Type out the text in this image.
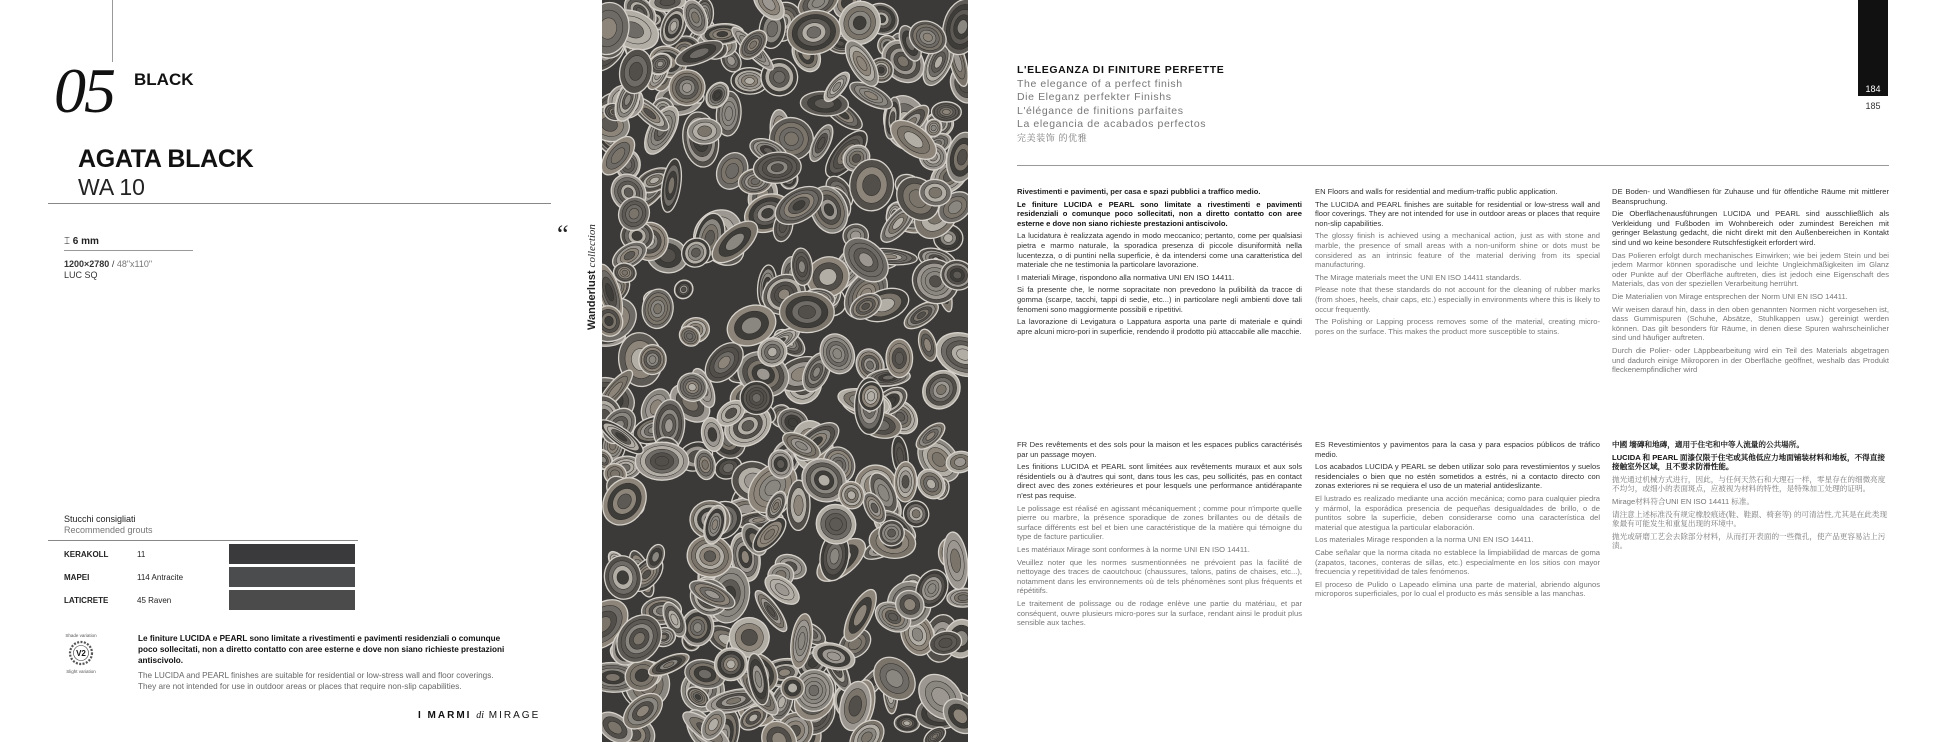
05 BLACK
AGATA BLACK
WA 10
⌶ 6 mm
1200×2780 / 48"x110"
LUC SQ
“
Wanderlust collection
Stucchi consigliati
Recommended grouts
KERAKOLL	11
MAPEI	114 Antracite
LATICRETE	45 Raven
Shade variation
V2
Slight variation
Le finiture LUCIDA e PEARL sono limitate a rivestimenti e pavimenti residenziali o comunque poco sollecitati, non a diretto contatto con aree esterne e dove non siano richieste prestazioni antiscivolo.
The LUCIDA and PEARL finishes are suitable for residential or low-stress wall and floor coverings. They are not intended for use in outdoor areas or places that require non-slip capabilities.
I MARMI di MIRAGE
184
185
L'ELEGANZA DI FINITURE PERFETTE
The elegance of a perfect finish
Die Eleganz perfekter Finishs
L'élégance de finitions parfaites
La elegancia de acabados perfectos
完美装饰 的优雅

Rivestimenti e pavimenti, per casa e spazi pubblici a traffico medio.

Le finiture LUCIDA e PEARL sono limitate a rivestimenti e pavimenti residenziali o comunque poco sollecitati, non a diretto contatto con aree esterne e dove non siano richieste prestazioni antiscivolo.

La lucidatura è realizzata agendo in modo meccanico; pertanto, come per qualsiasi pietra e marmo naturale, la sporadica presenza di piccole disuniformità nella lucentezza, o di puntini nella superficie, è da intendersi come una caratteristica del materiale che ne testimonia la particolare lavorazione.

I materiali Mirage, rispondono alla normativa UNI EN ISO 14411.

Si fa presente che, le norme sopracitate non prevedono la pulibilità da tracce di gomma (scarpe, tacchi, tappi di sedie, etc...) in particolare negli ambienti dove tali fenomeni sono maggiormente possibili e ripetitivi.

La lavorazione di Levigatura o Lappatura asporta una parte di materiale e quindi apre alcuni micro-pori in superficie, rendendo il prodotto più attaccabile alle macchie.

EN Floors and walls for residential and medium-traffic public application.

The LUCIDA and PEARL finishes are suitable for residential or low-stress wall and floor coverings. They are not intended for use in outdoor areas or places that require non-slip capabilities.

The glossy finish is achieved using a mechanical action, just as with stone and marble, the presence of small areas with a non-uniform shine or dots must be considered as an intrinsic feature of the material deriving from its special manufacturing.

The Mirage materials meet the UNI EN ISO 14411 standards.

Please note that these standards do not account for the cleaning of rubber marks (from shoes, heels, chair caps, etc.) especially in environments where this is likely to occur frequently.

The Polishing or Lapping process removes some of the material, creating micro-pores on the surface. This makes the product more susceptible to stains.

DE Boden- und Wandfliesen für Zuhause und für öffentliche Räume mit mittlerer Beanspruchung.

Die Oberflächenausführungen LUCIDA und PEARL sind ausschließlich als Verkleidung und Fußboden im Wohnbereich oder zumindest Bereichen mit geringer Belastung gedacht, die nicht direkt mit den Außenbereichen in Kontakt sind und wo keine besondere Rutschfestigkeit erfordert wird.

Das Polieren erfolgt durch mechanisches Einwirken; wie bei jedem Stein und bei jedem Marmor können sporadische und leichte Ungleichmäßigkeiten im Glanz oder Punkte auf der Oberfläche auftreten, dies ist jedoch eine Eigenschaft des Materials, das von der speziellen Verarbeitung herrührt.

Die Materialien von Mirage entsprechen der Norm UNI EN ISO 14411.

Wir weisen darauf hin, dass in den oben genannten Normen nicht vorgesehen ist, dass Gummispuren (Schuhe, Absätze, Stuhlkappen usw.) gereinigt werden können. Das gilt besonders für Räume, in denen diese Spuren wahrscheinlicher sind und häufiger auftreten.

Durch die Polier- oder Läppbearbeitung wird ein Teil des Materials abgetragen und dadurch einige Mikroporen in der Oberfläche geöffnet, weshalb das Produkt fleckenempfindlicher wird

FR Des revêtements et des sols pour la maison et les espaces publics caractérisés par un passage moyen.

Les finitions LUCIDA et PEARL sont limitées aux revêtements muraux et aux sols résidentiels ou à d'autres qui sont, dans tous les cas, peu sollicités, pas en contact direct avec des zones extérieures et pour lesquels une performance antidérapante n'est pas requise.

Le polissage est réalisé en agissant mécaniquement ; comme pour n'importe quelle pierre ou marbre, la présence sporadique de zones brillantes ou de détails de surface différents est bel et bien une caractéristique de la matière qui témoigne du type de facture particulier.

Les matériaux Mirage sont conformes à la norme UNI EN ISO 14411.

Veuillez noter que les normes susmentionnées ne prévoient pas la facilité de nettoyage des traces de caoutchouc (chaussures, talons, patins de chaises, etc...), notamment dans les environnements où de tels phénomènes sont plus fréquents et répétitifs.

Le traitement de polissage ou de rodage enlève une partie du matériau, et par conséquent, ouvre plusieurs micro-pores sur la surface, rendant ainsi le produit plus sensible aux taches.

ES Revestimientos y pavimentos para la casa y para espacios públicos de tráfico medio.

Los acabados LUCIDA y PEARL se deben utilizar solo para revestimientos y suelos residenciales o bien que no estén sometidos a estrés, ni a contacto directo con zonas exteriores ni se requiera el uso de un material antideslizante.

El lustrado es realizado mediante una acción mecánica; como para cualquier piedra y mármol, la esporádica presencia de pequeñas desigualdades de brillo, o de puntitos sobre la superficie, deben considerarse como una característica del material que atestigua la particular elaboración.

Los materiales Mirage responden a la norma UNI EN ISO 14411.

Cabe señalar que la norma citada no establece la limpiabilidad de marcas de goma (zapatos, tacones, conteras de sillas, etc.) especialmente en los sitios con mayor frecuencia y repetitividad de tales fenómenos.

El proceso de Pulido o Lapeado elimina una parte de material, abriendo algunos microporos superficiales, por lo cual el producto es más sensible a las manchas.

中國 墻磚和地磚，適用于住宅和中等人流量的公共場所。

LUCIDA 和 PEARL 面漆仅限于住宅或其他低应力地面铺装材料和地板，不得直接接触室外区域，且不要求防滑性能。

抛光通过机械方式进行，因此，与任何天然石和大理石一样，零星存在的细微亮度不均匀，或细小的表面斑点，应被视为材料的特性，是特殊加工处理的证明。

Mirage材料符合UNI EN ISO 14411 标准。

请注意上述标准没有规定橡胶痕迹(鞋、鞋跟、椅套等) 的可清洁性,尤其是在此类现象最有可能发生和重复出现的环境中。

抛光或研磨工艺会去除部分材料，从而打开表面的一些微孔，使产品更容易沾上污渍。
